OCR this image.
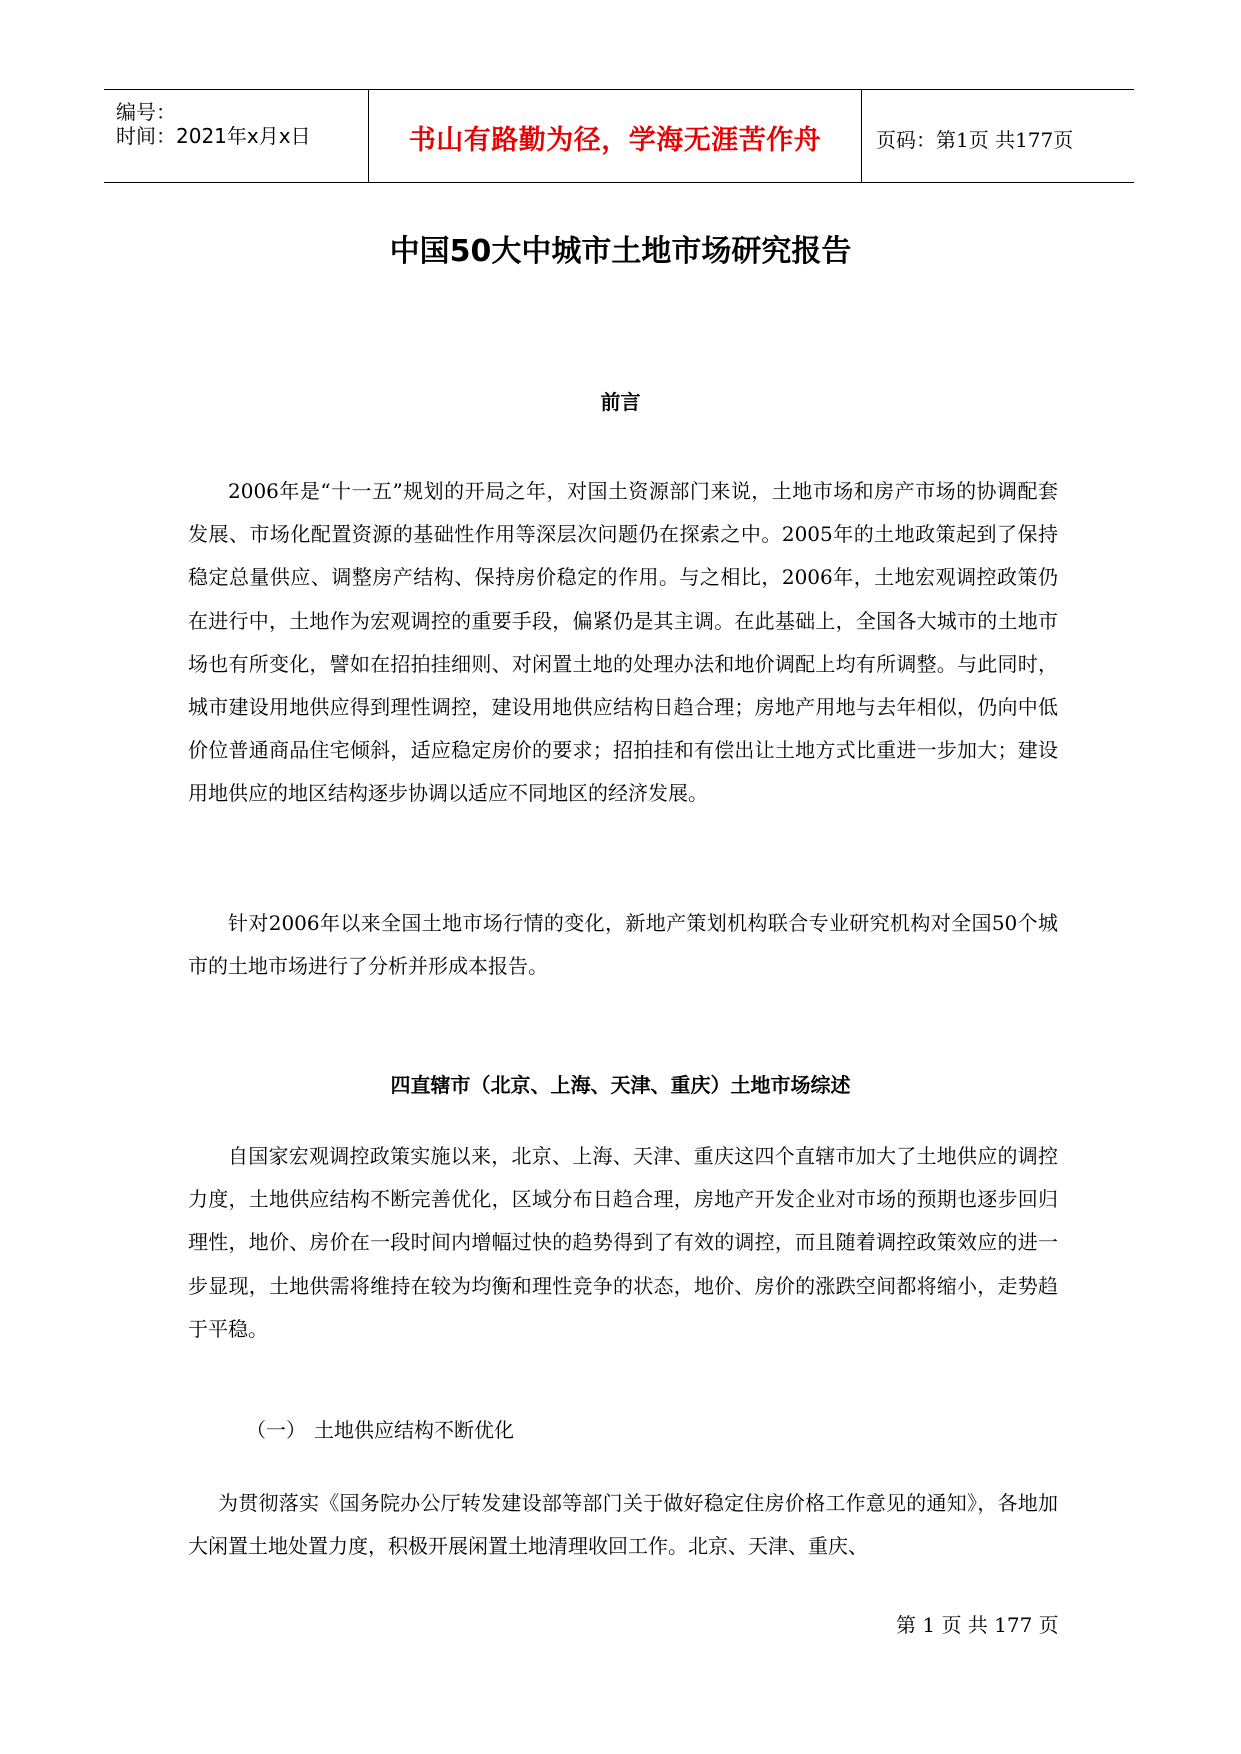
编号：
时间：2021年x月x日	书山有路勤为径，学海无涯苦作舟	页码：第1页 共177页
中国50大中城市土地市场研究报告
前言
2006年是“十一五”规划的开局之年，对国土资源部门来说，土地市场和房产市场的协调配套发展、市场化配置资源的基础性作用等深层次问题仍在探索之中。2005年的土地政策起到了保持稳定总量供应、调整房产结构、保持房价稳定的作用。与之相比，2006年，土地宏观调控政策仍在进行中，土地作为宏观调控的重要手段，偏紧仍是其主调。在此基础上，全国各大城市的土地市场也有所变化，譬如在招拍挂细则、对闲置土地的处理办法和地价调配上均有所调整。与此同时，城市建设用地供应得到理性调控，建设用地供应结构日趋合理；房地产用地与去年相似，仍向中低价位普通商品住宅倾斜，适应稳定房价的要求；招拍挂和有偿出让土地方式比重进一步加大；建设用地供应的地区结构逐步协调以适应不同地区的经济发展。
针对2006年以来全国土地市场行情的变化，新地产策划机构联合专业研究机构对全国50个城市的土地市场进行了分析并形成本报告。
四直辖市（北京、上海、天津、重庆）土地市场综述
自国家宏观调控政策实施以来，北京、上海、天津、重庆这四个直辖市加大了土地供应的调控力度，土地供应结构不断完善优化，区域分布日趋合理，房地产开发企业对市场的预期也逐步回归理性，地价、房价在一段时间内增幅过快的趋势得到了有效的调控，而且随着调控政策效应的进一步显现，土地供需将维持在较为均衡和理性竞争的状态，地价、房价的涨跌空间都将缩小，走势趋于平稳。
（一） 土地供应结构不断优化
为贯彻落实《国务院办公厅转发建设部等部门关于做好稳定住房价格工作意见的通知》，各地加大闲置土地处置力度，积极开展闲置土地清理收回工作。北京、天津、重庆、
第 1 页 共 177 页
